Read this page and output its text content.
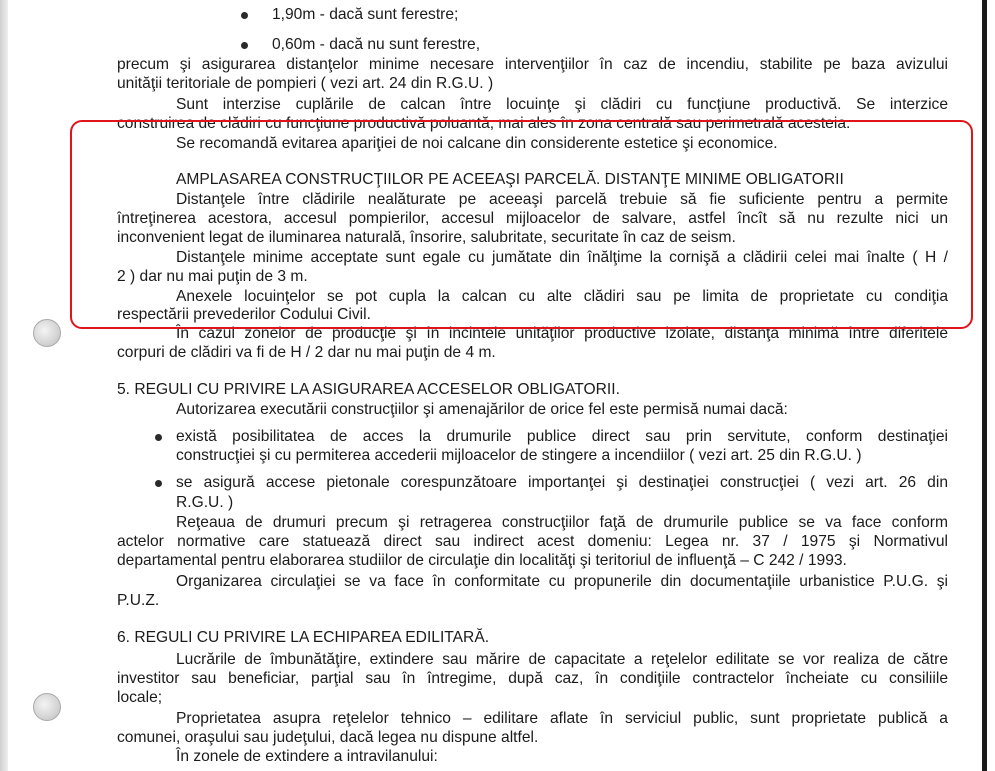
1,90m - dacă sunt ferestre;
0,60m - dacă nu sunt ferestre,
precum şi asigurarea distanţelor minime necesare intervenţiilor în caz de incendiu, stabilite pe baza avizului
unităţii teritoriale de pompieri ( vezi art. 24 din R.G.U. )
Sunt interzise cuplările de calcan între locuinţe şi clădiri cu funcţiune productivă. Se interzice
construirea de clădiri cu funcţiune productivă poluantă, mai ales în zona centrală sau perimetrală acesteia.
Se recomandă evitarea apariţiei de noi calcane din considerente estetice şi economice.
AMPLASAREA CONSTRUCŢIILOR PE ACEEAŞI PARCELĂ. DISTANŢE MINIME OBLIGATORII
Distanţele între clădirile nealăturate pe aceeaşi parcelă trebuie să fie suficiente pentru a permite
întreţinerea acestora, accesul pompierilor, accesul mijloacelor de salvare, astfel încît să nu rezulte nici un
inconvenient legat de iluminarea naturală, însorire, salubritate, securitate în caz de seism.
Distanţele minime acceptate sunt egale cu jumătate din înălţime la cornişă a clădirii celei mai înalte ( H /
2 ) dar nu mai puţin de 3 m.
Anexele locuinţelor se pot cupla la calcan cu alte clădiri sau pe limita de proprietate cu condiţia
respectării prevederilor Codului Civil.
În cazul zonelor de producţie şi în incintele unităţilor productive izolate, distanţa minimă între diferitele
corpuri de clădiri va fi de H / 2 dar nu mai puţin de 4 m.
5. REGULI CU PRIVIRE LA ASIGURAREA ACCESELOR OBLIGATORII.
Autorizarea executării construcţiilor şi amenajărilor de orice fel este permisă numai dacă:
există posibilitatea de acces la drumurile publice direct sau prin servitute, conform destinaţiei
construcţiei şi cu permiterea accederii mijloacelor de stingere a incendiilor ( vezi art. 25 din R.G.U. )
se asigură accese pietonale corespunzătoare importanţei şi destinaţiei construcţiei ( vezi art. 26 din
R.G.U. )
Reţeaua de drumuri precum şi retragerea construcţiilor faţă de drumurile publice se va face conform
actelor normative care statuează direct sau indirect acest domeniu: Legea nr. 37 / 1975 şi Normativul
departamental pentru elaborarea studiilor de circulaţie din localităţi şi teritoriul de influenţă – C 242 / 1993.
Organizarea circulaţiei se va face în conformitate cu propunerile din documentaţiile urbanistice P.U.G. şi
P.U.Z.
6. REGULI CU PRIVIRE LA ECHIPAREA EDILITARĂ.
Lucrările de îmbunătăţire, extindere sau mărire de capacitate a reţelelor edilitate se vor realiza de către
investitor sau beneficiar, parţial sau în întregime, după caz, în condiţiile contractelor încheiate cu consiliile
locale;
Proprietatea asupra reţelelor tehnico – edilitare aflate în serviciul public, sunt proprietate publică a
comunei, oraşului sau judeţului, dacă legea nu dispune altfel.
În zonele de extindere a intravilanului:
